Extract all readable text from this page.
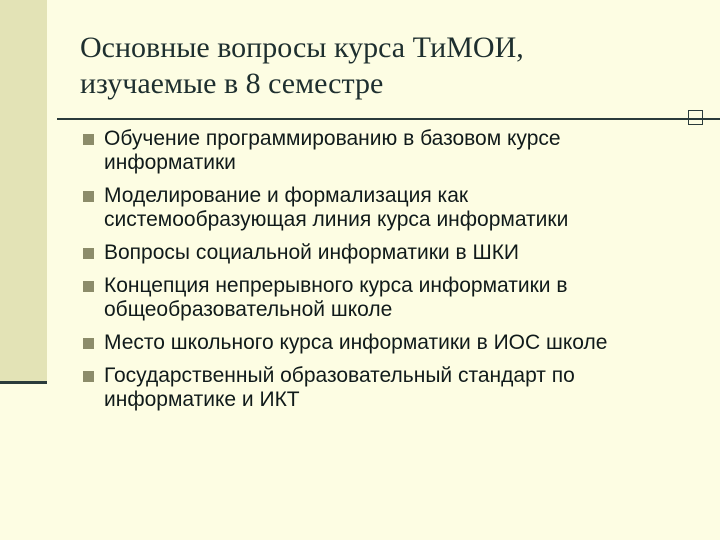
Основные вопросы курса ТиМОИ,
изучаемые в 8 семестре
Обучение программированию в базовом курсе
информатики
Моделирование и формализация как
системообразующая линия курса информатики
Вопросы социальной информатики в ШКИ
Концепция непрерывного курса информатики в
общеобразовательной школе
Место школьного курса информатики в ИОС школе
Государственный образовательный стандарт по
информатике и ИКТ
